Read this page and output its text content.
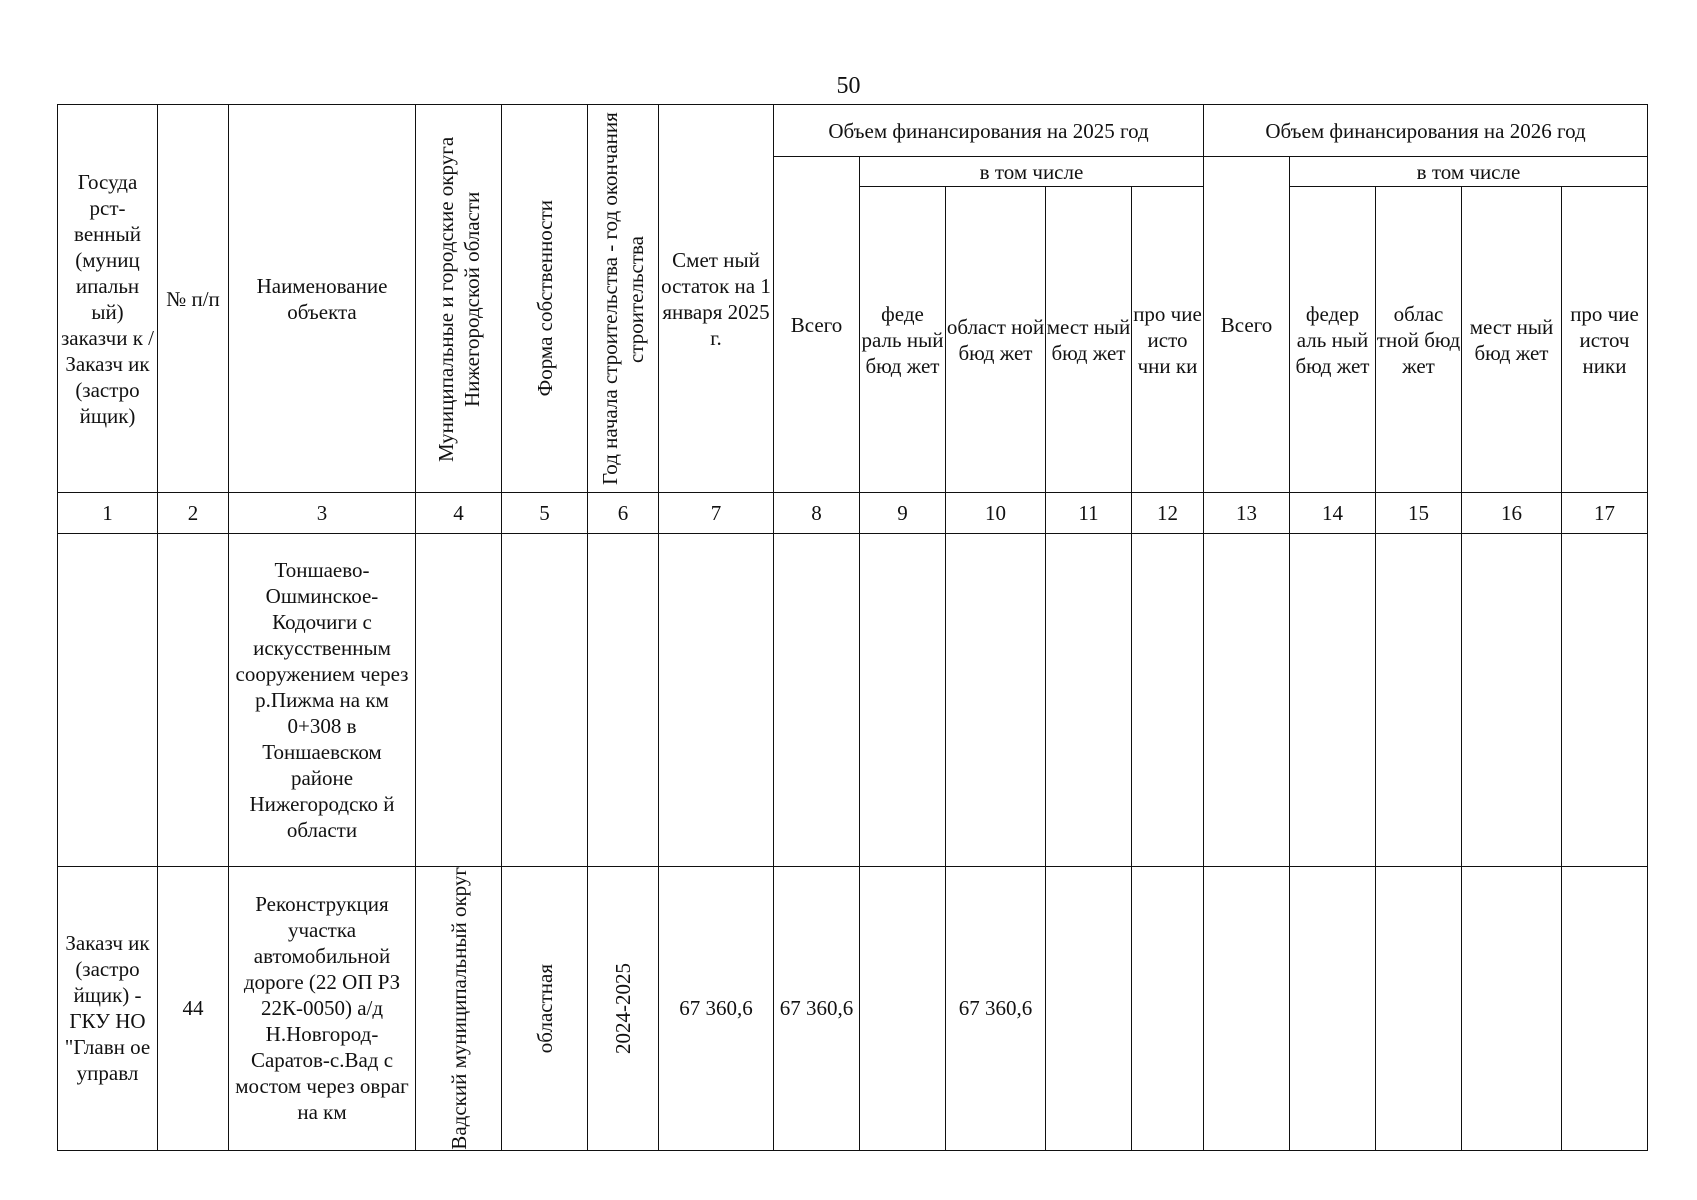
50
Госуда рст- венный (муниц ипальн ый) заказчи к / Заказч ик (застро йщик)	№ п/п	Наименование объекта	Муниципальные и городские округа Нижегородской области	Форма собственности	Год начала строительства - год окончания строительства	Смет ный остаток на 1 января 2025 г.	Объем финансирования на 2025 год					Объем финансирования на 2026 год				
							Всего	в том числе				Всего	в том числе			
								феде раль ный бюд жет	област ной бюд жет	мест ный бюд жет	про чие исто чни ки		федер аль ный бюд жет	облас тной бюд жет	мест ный бюд жет	про чие источ ники
1	2	3	4	5	6	7	8	9	10	11	12	13	14	15	16	17
		Тоншаево- Ошминское- Кодочиги с искусственным сооружением через р.Пижма на км 0+308 в Тоншаевском районе Нижегородско й области	

Заказч ик (застро йщик) - ГКУ НО "Главн ое управл	44	Реконструкция участка автомобильной дороге (22 ОП РЗ 22К-0050) а/д Н.Новгород- Саратов-с.Вад с мостом через овраг на км	Вадский муниципальный округ	областная	2024-2025	67 360,6	67 360,6		67 360,6							
